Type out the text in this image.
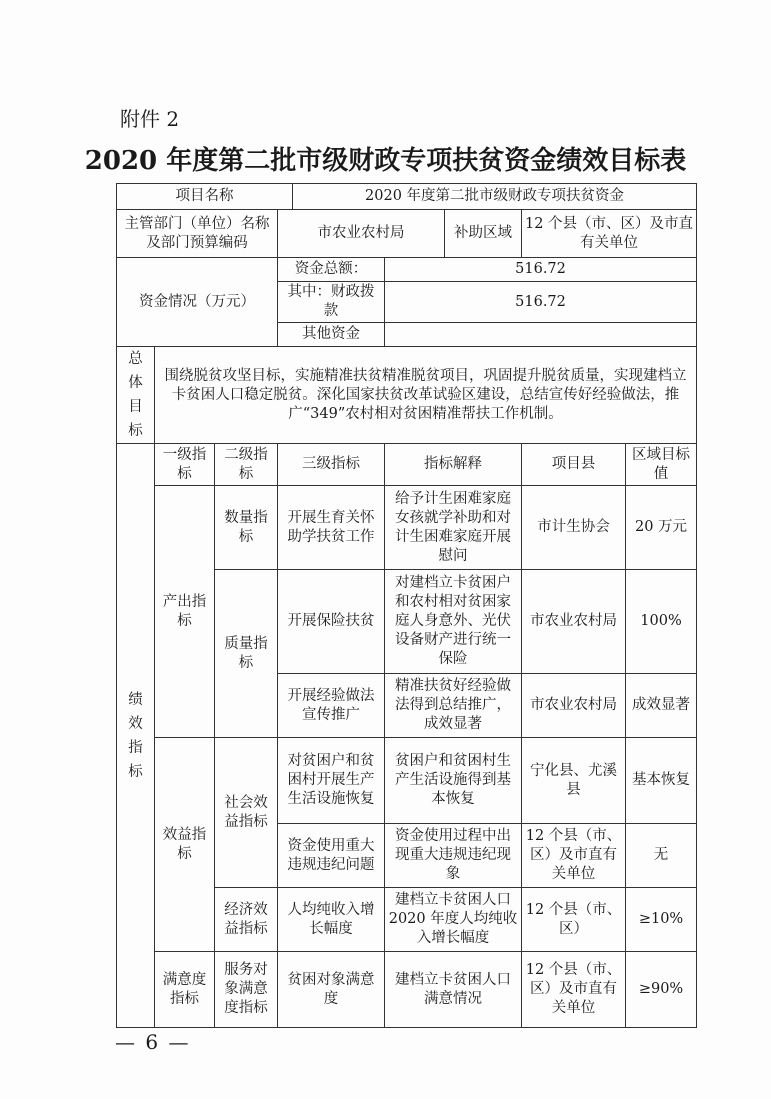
附件 2
2020 年度第二批市级财政专项扶贫资金绩效目标表
项目名称				2020 年度第二批市级财政专项扶贫资金				
主管部门（单位）名称及部门预算编码			市农业农村局			补助区域	12 个县（市、区）及市直有关单位	
资金情况（万元）			资金总额：		516.72			
			其中：财政拨款		516.72			
			其他资金					
总体目标	围绕脱贫攻坚目标，实施精准扶贫精准脱贫项目，巩固提升脱贫质量，实现建档立卡贫困人口稳定脱贫。深化国家扶贫改革试验区建设，总结宣传好经验做法，推广“349”农村相对贫困精准帮扶工作机制。							
绩效指标	一级指标	二级指标	三级指标		指标解释		项目县	区域目标值
	产出指标	数量指标	开展生育关怀助学扶贫工作		给予计生困难家庭女孩就学补助和对计生困难家庭开展慰问		市计生协会	20 万元
		质量指标	开展保险扶贫		对建档立卡贫困户和农村相对贫困家庭人身意外、光伏设备财产进行统一保险		市农业农村局	100%
			开展经验做法宣传推广		精准扶贫好经验做法得到总结推广，成效显著		市农业农村局	成效显著
	效益指标	社会效益指标	对贫困户和贫困村开展生产生活设施恢复		贫困户和贫困村生产生活设施得到基本恢复		宁化县、尤溪县	基本恢复
			资金使用重大违规违纪问题		资金使用过程中出现重大违规违纪现象		12 个县（市、区）及市直有关单位	无
		经济效益指标	人均纯收入增长幅度		建档立卡贫困人口 2020 年度人均纯收入增长幅度		12 个县（市、区）	≥10%
	满意度指标	服务对象满意度指标	贫困对象满意度		建档立卡贫困人口满意情况		12 个县（市、区）及市直有关单位	≥90%
— 6 —
